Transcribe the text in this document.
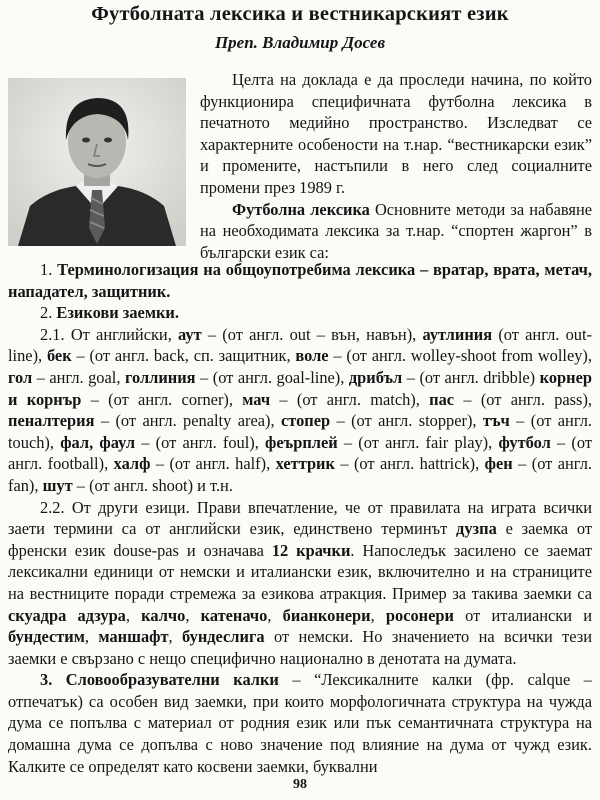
Футболната лексика и вестникарският език
Преп. Владимир Досев

Целта на доклада е да проследи начина, по който функционира специфичната футболна лексика в печатното медийно пространство. Изследват се характерните особености на т.нар. “вестникарски език” и промените, настъпили в него след социалните промени през 1989 г.

Футболна лексика Основните методи за набавяне на необходимата лексика за т.нар. “спортен жаргон” в български език са:

1. Терминологизация на общоупотребима лексика – вратар, врата, метач, нападател, защитник.

2. Езикови заемки.

2.1. От английски, аут – (от англ. out – вън, навън), аутлиния (от англ. out-line), бек – (от англ. back, сп. защитник, воле – (от англ. wolley-shoot from wolley), гол – англ. goal, голлиния – (от англ. goal-line), дрибъл – (от англ. dribble) корнер и корнър – (от англ. corner), мач – (от англ. match), пас – (от англ. pass), пеналтерия – (от англ. penalty area), стопер – (от англ. stopper), тъч – (от англ. touch), фал, фаул – (от англ. foul), феърплей – (от англ. fair play), футбол – (от англ. football), халф – (от англ. half), хеттрик – (от англ. hattrick), фен – (от англ. fan), шут – (от англ. shoot) и т.н.

2.2. От други езици. Прави впечатление, че от правилата на играта всички заети термини са от английски език, единствено терминът дузпа е заемка от френски език douse-pas и означава 12 крачки. Напоследък засилено се заемат лексикални единици от немски и италиански език, включително и на страниците на вестниците поради стремежа за езикова атракция. Пример за такива заемки са скуадра адзура, калчо, катеначо, бианконери, росонери от италиански и бундестим, маншафт, бундеслига от немски. Но значението на всички тези заемки е свързано с нещо специфично национално в денотата на думата.

3. Словообразувателни калки – “Лексикалните калки (фр. calque – отпечатък) са особен вид заемки, при които морфологичната структура на чужда дума се попълва с материал от родния език или пък семантичната структура на домашна дума се допълва с ново значение под влияние на дума от чужд език. Калките се определят като косвени заемки, буквални

98
